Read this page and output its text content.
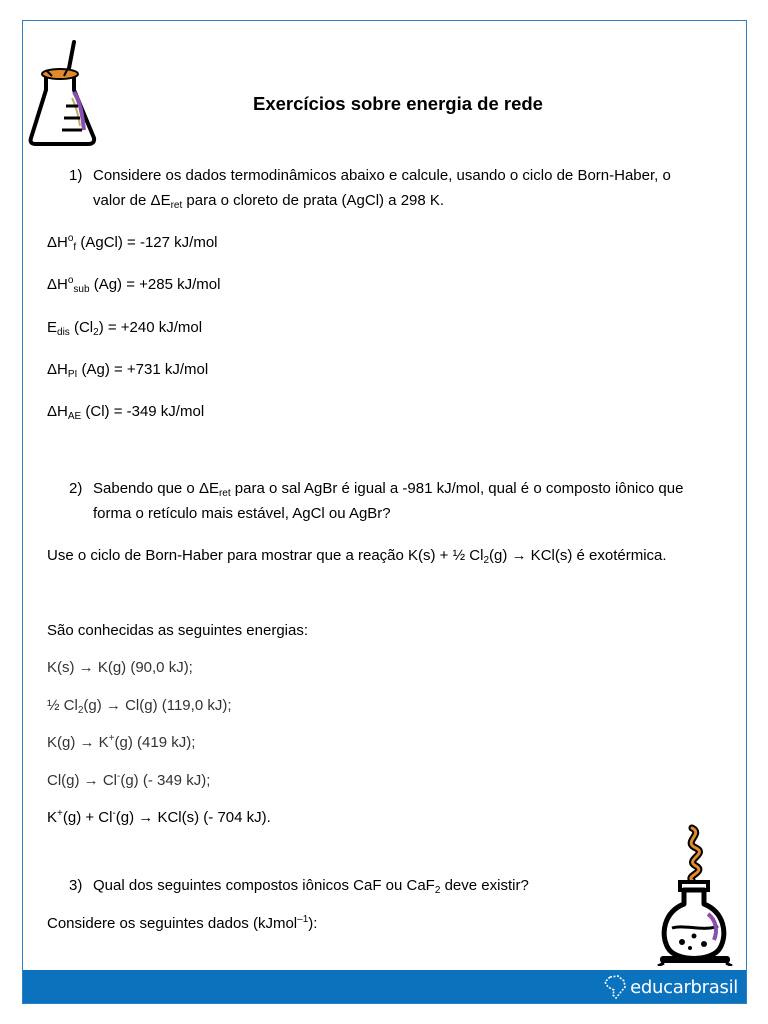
Exercícios sobre energia de rede
1) Considere os dados termodinâmicos abaixo e calcule, usando o ciclo de Born-Haber, o
valor de $\Delta E_{ret}$ para o cloreto de prata (AgCl) a 298 K.
$\Delta H^o_f$ (AgCl) = -127 kJ/mol
$\Delta H^o_{sub}$ (Ag) = +285 kJ/mol
$E_{dis}$ $(Cl_2) = +240$ kJ/mol
$\Delta H_{PI}$ (Ag) = +731 kJ/mol
$\Delta H_{AE}$ (Cl) = -349 kJ/mol
2) Sabendo que o $\Delta E_{ret}$ para o sal AgBr é igual a -981 kJ/mol, qual é o composto iônico que
forma o retículo mais estável, AgCl ou AgBr?
Use o ciclo de Born-Haber para mostrar que a reação K(s) + ½ $Cl_2(g) \to KCl(s)$ é exotérmica.
São conhecidas as seguintes energias:
K(s) → K(g) (90,0 kJ);
½ $Cl_2(g) \to Cl(g)$ (119,0 kJ);
K(g) → K+(g) (419 kJ);
Cl(g) → Cl-(g) (- 349 kJ);
K+(g) + Cl-(g) → KCl(s) (- 704 kJ).
3) Qual dos seguintes compostos iônicos CaF ou CaF$_2$ deve existir?
Considere os seguintes dados (kJmol$^{-1}$):
educarbrasil
